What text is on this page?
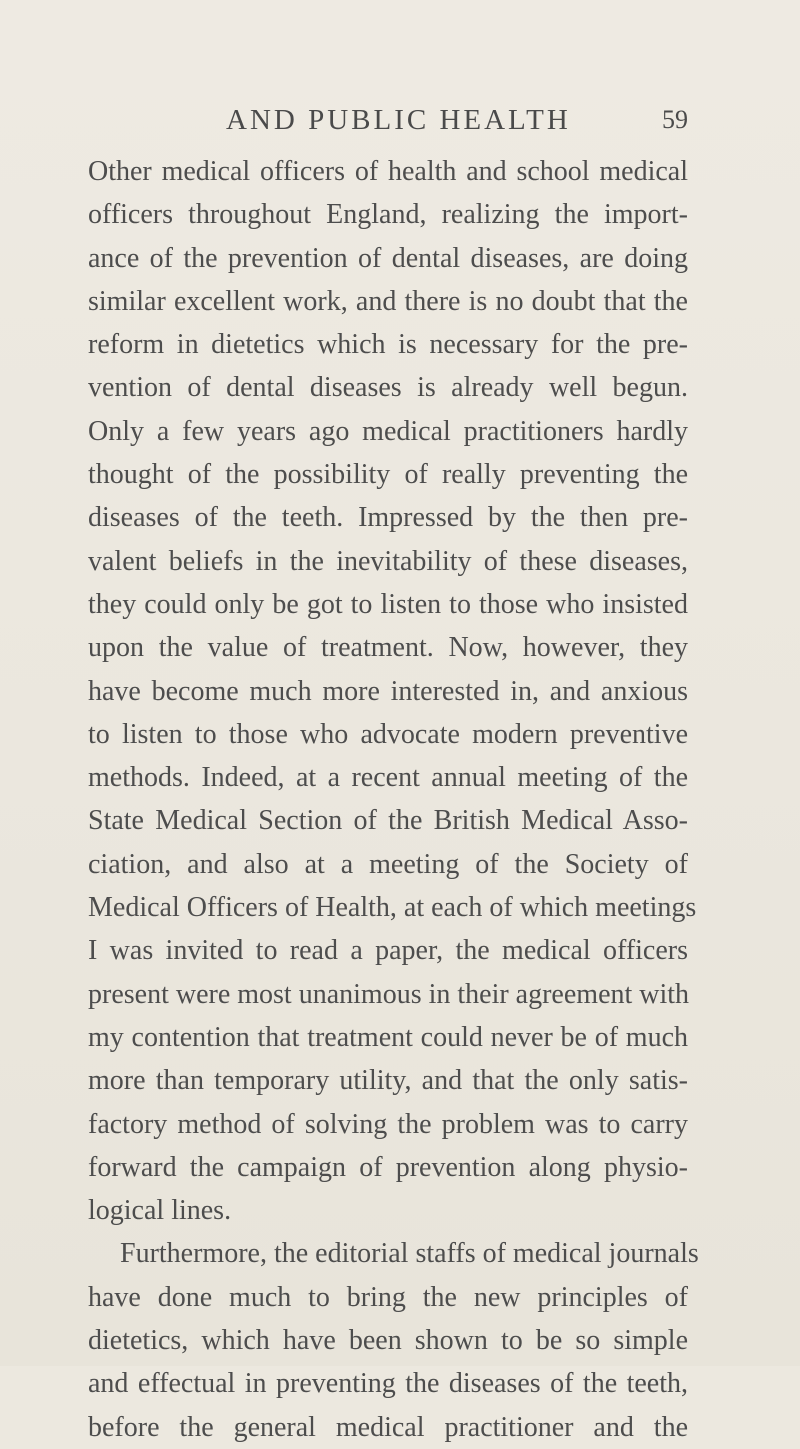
AND PUBLIC HEALTH	59
Other medical officers of health and school medical
officers throughout England, realizing the import-
ance of the prevention of dental diseases, are doing
similar excellent work, and there is no doubt that the
reform in dietetics which is necessary for the pre-
vention of dental diseases is already well begun.
Only a few years ago medical practitioners hardly
thought of the possibility of really preventing the
diseases of the teeth. Impressed by the then pre-
valent beliefs in the inevitability of these diseases,
they could only be got to listen to those who insisted
upon the value of treatment. Now, however, they
have become much more interested in, and anxious
to listen to those who advocate modern preventive
methods. Indeed, at a recent annual meeting of the
State Medical Section of the British Medical Asso-
ciation, and also at a meeting of the Society of
Medical Officers of Health, at each of which meetings
I was invited to read a paper, the medical officers
present were most unanimous in their agreement with
my contention that treatment could never be of much
more than temporary utility, and that the only satis-
factory method of solving the problem was to carry
forward the campaign of prevention along physio-
logical lines.
Furthermore, the editorial staffs of medical journals
have done much to bring the new principles of
dietetics, which have been shown to be so simple
and effectual in preventing the diseases of the teeth,
before the general medical practitioner and the
